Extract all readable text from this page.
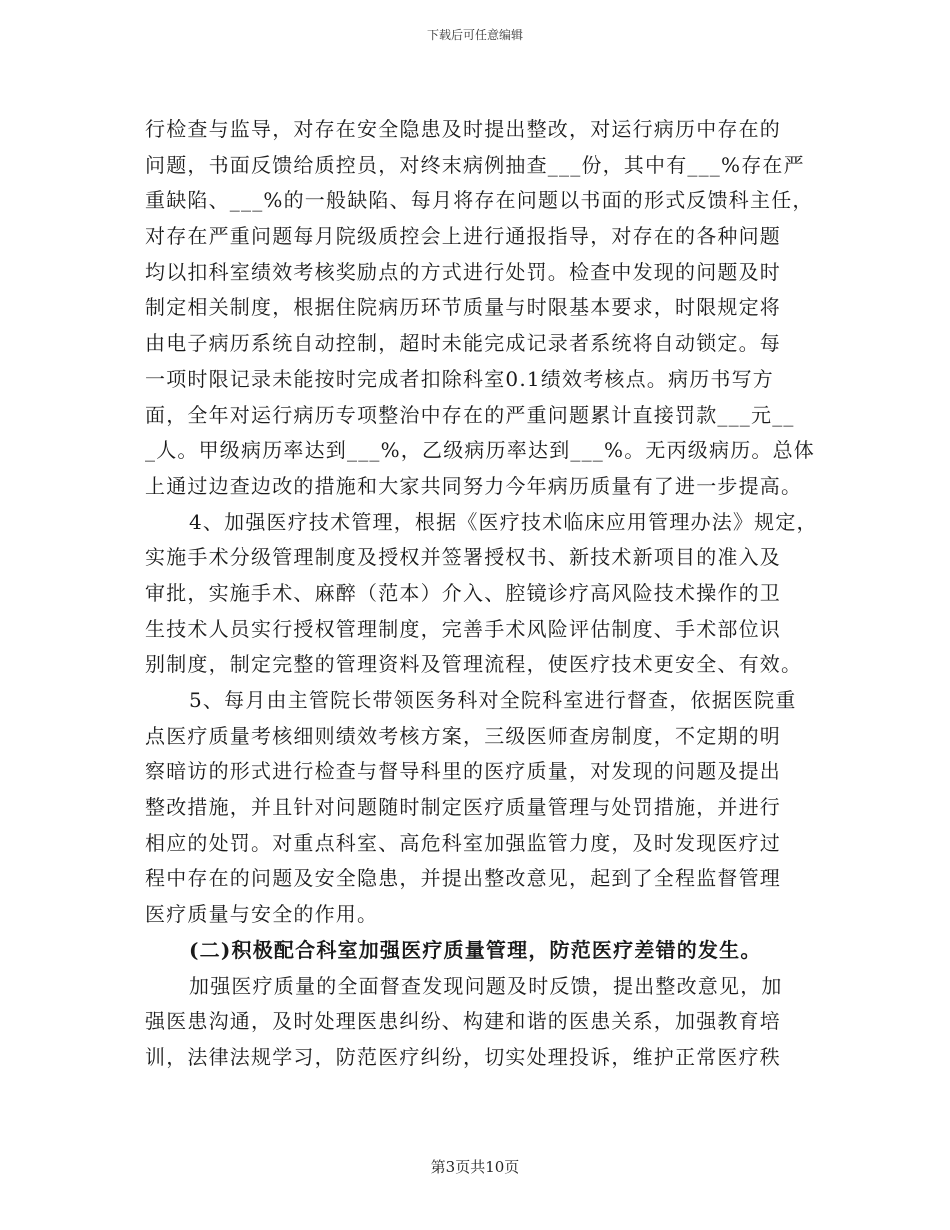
下载后可任意编辑
行检查与监导，对存在安全隐患及时提出整改，对运行病历中存在的
问题，书面反馈给质控员，对终末病例抽查___份，其中有___%存在严
重缺陷、___%的一般缺陷、每月将存在问题以书面的形式反馈科主任，
对存在严重问题每月院级质控会上进行通报指导，对存在的各种问题
均以扣科室绩效考核奖励点的方式进行处罚。检查中发现的问题及时
制定相关制度，根据住院病历环节质量与时限基本要求，时限规定将
由电子病历系统自动控制，超时未能完成记录者系统将自动锁定。每
一项时限记录未能按时完成者扣除科室0.1绩效考核点。病历书写方
面，全年对运行病历专项整治中存在的严重问题累计直接罚款___元__
_人。甲级病历率达到___%，乙级病历率达到___%。无丙级病历。总体
上通过边查边改的措施和大家共同努力今年病历质量有了进一步提高。
4、加强医疗技术管理，根据《医疗技术临床应用管理办法》规定，
实施手术分级管理制度及授权并签署授权书、新技术新项目的准入及
审批，实施手术、麻醉（范本）介入、腔镜诊疗高风险技术操作的卫
生技术人员实行授权管理制度，完善手术风险评估制度、手术部位识
别制度，制定完整的管理资料及管理流程，使医疗技术更安全、有效。
5、每月由主管院长带领医务科对全院科室进行督查，依据医院重
点医疗质量考核细则绩效考核方案，三级医师查房制度，不定期的明
察暗访的形式进行检查与督导科里的医疗质量，对发现的问题及提出
整改措施，并且针对问题随时制定医疗质量管理与处罚措施，并进行
相应的处罚。对重点科室、高危科室加强监管力度，及时发现医疗过
程中存在的问题及安全隐患，并提出整改意见，起到了全程监督管理
医疗质量与安全的作用。
(二)积极配合科室加强医疗质量管理，防范医疗差错的发生。
加强医疗质量的全面督查发现问题及时反馈，提出整改意见，加
强医患沟通，及时处理医患纠纷、构建和谐的医患关系，加强教育培
训，法律法规学习，防范医疗纠纷，切实处理投诉，维护正常医疗秩
第3页共10页
